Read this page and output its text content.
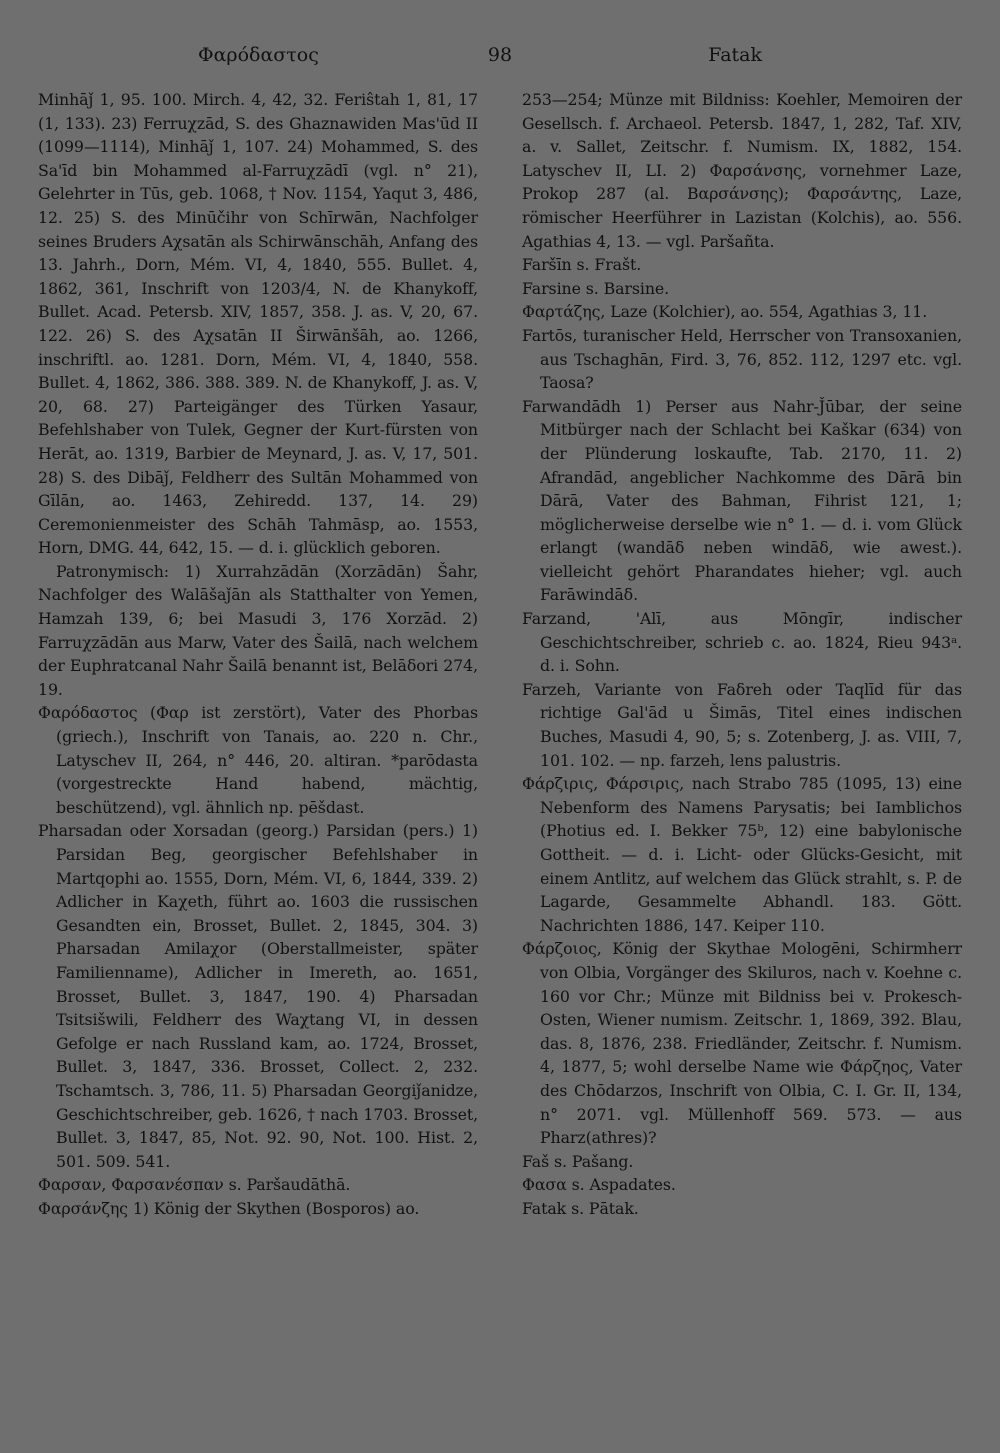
Φαρόδαστος	98	Fatak

Minhāǰ 1, 95. 100. Mirch. 4, 42, 32. Feriŝtah 1, 81, 17 (1, 133). 23) Ferruχzād, S. des Ghaznawiden Mas'ūd II (1099—1114), Minhāǰ 1, 107. 24) Mohammed, S. des Sa'īd bin Mohammed al-Farruχzādī (vgl. n° 21), Gelehrter in Tūs, geb. 1068, † Nov. 1154, Yaqut 3, 486, 12. 25) S. des Minūčihr von Schīrwān, Nachfolger seines Bruders Aχsatān als Schirwānschāh, Anfang des 13. Jahrh., Dorn, Mém. VI, 4, 1840, 555. Bullet. 4, 1862, 361, Inschrift von 1203/4, N. de Khanykoff, Bullet. Acad. Petersb. XIV, 1857, 358. J. as. V, 20, 67. 122. 26) S. des Aχsatān II Širwānšāh, ao. 1266, inschriftl. ao. 1281. Dorn, Mém. VI, 4, 1840, 558. Bullet. 4, 1862, 386. 388. 389. N. de Khanykoff, J. as. V, 20, 68. 27) Parteigänger des Türken Yasaur, Befehlshaber von Tulek, Gegner der Kurt-fürsten von Herāt, ao. 1319, Barbier de Meynard, J. as. V, 17, 501. 28) S. des Dibāǰ, Feldherr des Sultān Mohammed von Gīlān, ao. 1463, Zehiredd. 137, 14. 29) Ceremonienmeister des Schāh Tahmāsp, ao. 1553, Horn, DMG. 44, 642, 15. — d. i. glücklich geboren.

Patronymisch: 1) Xurrahzādān (Xorzādān) Šahr, Nachfolger des Walāšaǰān als Statthalter von Yemen, Hamzah 139, 6; bei Masudi 3, 176 Xorzād. 2) Farruχzādān aus Marw, Vater des Šailā, nach welchem der Euphratcanal Nahr Šailā benannt ist, Belāδori 274, 19.

Φαρόδαστος (Φαρ ist zerstört), Vater des Phorbas (griech.), Inschrift von Tanais, ao. 220 n. Chr., Latyschev II, 264, n° 446, 20. altiran. *parōdasta (vorgestreckte Hand habend, mächtig, beschützend), vgl. ähnlich np. pēšdast.

Pharsadan oder Xorsadan (georg.) Parsidan (pers.) 1) Parsidan Beg, georgischer Befehlshaber in Martqophi ao. 1555, Dorn, Mém. VI, 6, 1844, 339. 2) Adlicher in Kaχeth, führt ao. 1603 die russischen Gesandten ein, Brosset, Bullet. 2, 1845, 304. 3) Pharsadan Amilaχor (Oberstallmeister, später Familienname), Adlicher in Imereth, ao. 1651, Brosset, Bullet. 3, 1847, 190. 4) Pharsadan Tsitsišwili, Feldherr des Waχtang VI, in dessen Gefolge er nach Russland kam, ao. 1724, Brosset, Bullet. 3, 1847, 336. Brosset, Collect. 2, 232. Tschamtsch. 3, 786, 11. 5) Pharsadan Georgiǰanidze, Geschichtschreiber, geb. 1626, † nach 1703. Brosset, Bullet. 3, 1847, 85, Not. 92. 90, Not. 100. Hist. 2, 501. 509. 541.

Φαρσαν, Φαρσανέσπαν s. Paršaudāthā.

Φαρσάνζης 1) König der Skythen (Bosporos) ao.

253—254; Münze mit Bildniss: Koehler, Memoiren der Gesellsch. f. Archaeol. Petersb. 1847, 1, 282, Taf. XIV, a. v. Sallet, Zeitschr. f. Numism. IX, 1882, 154. Latyschev II, LI. 2) Φαρσάνσης, vornehmer Laze, Prokop 287 (al. Βαρσάνσης); Φαρσάντης, Laze, römischer Heerführer in Lazistan (Kolchis), ao. 556. Agathias 4, 13. — vgl. Paršañta.

Faršīn s. Frašt.

Farsine s. Barsine.

Φαρτάζης, Laze (Kolchier), ao. 554, Agathias 3, 11.

Fartōs, turanischer Held, Herrscher von Transoxanien, aus Tschaghān, Fird. 3, 76, 852. 112, 1297 etc. vgl. Taosa?

Farwandādh 1) Perser aus Nahr-J̌ūbar, der seine Mitbürger nach der Schlacht bei Kaškar (634) von der Plünderung loskaufte, Tab. 2170, 11. 2) Afrandād, angeblicher Nachkomme des Dārā bin Dārā, Vater des Bahman, Fihrist 121, 1; möglicherweise derselbe wie n° 1. — d. i. vom Glück erlangt (wandāδ neben windāδ, wie awest.). vielleicht gehört Pharandates hieher; vgl. auch Farāwindāδ.

Farzand, 'Alī, aus Mōngīr, indischer Geschichtschreiber, schrieb c. ao. 1824, Rieu 943ᵃ. d. i. Sohn.

Farzeh, Variante von Faδreh oder Taqlīd für das richtige Gal'ād u Šimās, Titel eines indischen Buches, Masudi 4, 90, 5; s. Zotenberg, J. as. VIII, 7, 101. 102. — np. farzeh, lens palustris.

Φάρζιρις, Φάρσιρις, nach Strabo 785 (1095, 13) eine Nebenform des Namens Parysatis; bei Iamblichos (Photius ed. I. Bekker 75ᵇ, 12) eine babylonische Gottheit. — d. i. Licht- oder Glücks-Gesicht, mit einem Antlitz, auf welchem das Glück strahlt, s. P. de Lagarde, Gesammelte Abhandl. 183. Gött. Nachrichten 1886, 147. Keiper 110.

Φάρζοιος, König der Skythae Mologēni, Schirmherr von Olbia, Vorgänger des Skiluros, nach v. Koehne c. 160 vor Chr.; Münze mit Bildniss bei v. Prokesch-Osten, Wiener numism. Zeitschr. 1, 1869, 392. Blau, das. 8, 1876, 238. Friedländer, Zeitschr. f. Numism. 4, 1877, 5; wohl derselbe Name wie Φάρζηος, Vater des Chōdarzos, Inschrift von Olbia, C. I. Gr. II, 134, n° 2071. vgl. Müllenhoff 569. 573. — aus Pharz(athres)?

Faš s. Pašang.

Φασα s. Aspadates.

Fatak s. Pātak.
